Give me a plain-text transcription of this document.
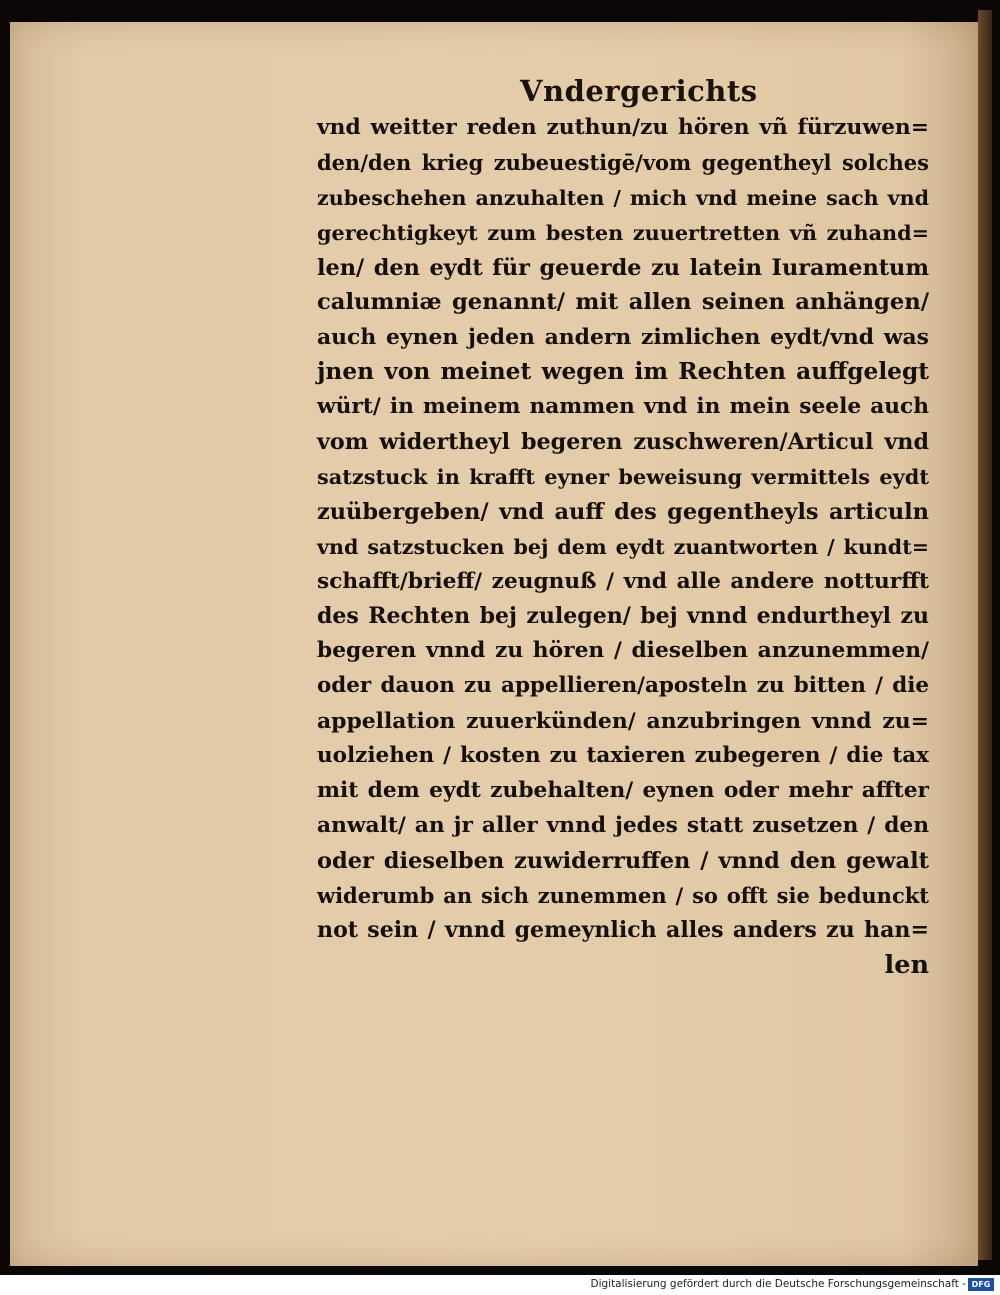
Vndergerichts
vnd weitter reden zuthun/zu hören vñ fürzuwen=
den/den krieg zubeuestigē/vom gegentheyl solches
zubeschehen anzuhalten / mich vnd meine sach vnd
gerechtigkeyt zum besten zuuertretten vñ zuhand=
len/ den eydt für geuerde zu latein Iuramentum
calumniæ genannt/ mit allen seinen anhängen/
auch eynen jeden andern zimlichen eydt/vnd was
jnen von meinet wegen im Rechten auffgelegt
würt/ in meinem nammen vnd in mein seele auch
vom widertheyl begeren zuschweren/Articul vnd
satzstuck in krafft eyner beweisung vermittels eydt
zuübergeben/ vnd auff des gegentheyls articuln
vnd satzstucken bej dem eydt zuantworten / kundt=
schafft/brieff/ zeugnuß / vnd alle andere notturfft
des Rechten bej zulegen/ bej vnnd endurtheyl zu
begeren vnnd zu hören / dieselben anzunemmen/
oder dauon zu appellieren/aposteln zu bitten / die
appellation zuuerkünden/ anzubringen vnnd zu=
uolziehen / kosten zu taxieren zubegeren / die tax
mit dem eydt zubehalten/ eynen oder mehr affter
anwalt/ an jr aller vnnd jedes statt zusetzen / den
oder dieselben zuwiderruffen / vnnd den gewalt
widerumb an sich zunemmen / so offt sie bedunckt
not sein / vnnd gemeynlich alles anders zu han=
len
Digitalisierung gefördert durch die Deutsche Forschungsgemeinschaft - DFG
